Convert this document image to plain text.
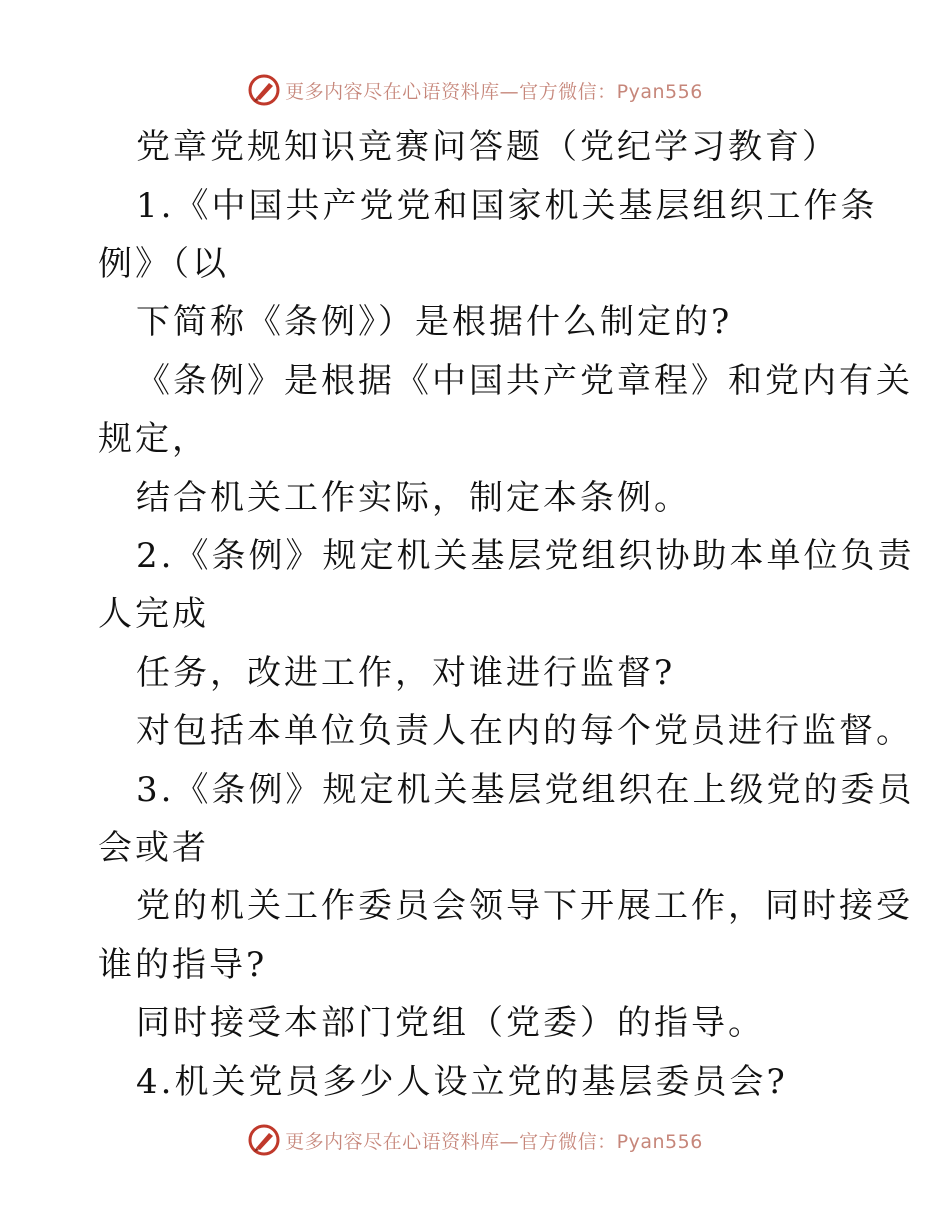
更多内容尽在心语资料库—官方微信：Pyan556
党章党规知识竞赛问答题（党纪学习教育）
1.《中国共产党党和国家机关基层组织工作条
例》（以
下简称《条例》）是根据什么制定的?
《条例》是根据《中国共产党章程》和党内有关
规定，
结合机关工作实际，制定本条例。
2.《条例》规定机关基层党组织协助本单位负责
人完成
任务，改进工作，对谁进行监督?
对包括本单位负责人在内的每个党员进行监督。
3.《条例》规定机关基层党组织在上级党的委员
会或者
党的机关工作委员会领导下开展工作，同时接受
谁的指导?
同时接受本部门党组（党委）的指导。
4.机关党员多少人设立党的基层委员会?
更多内容尽在心语资料库—官方微信：Pyan556
